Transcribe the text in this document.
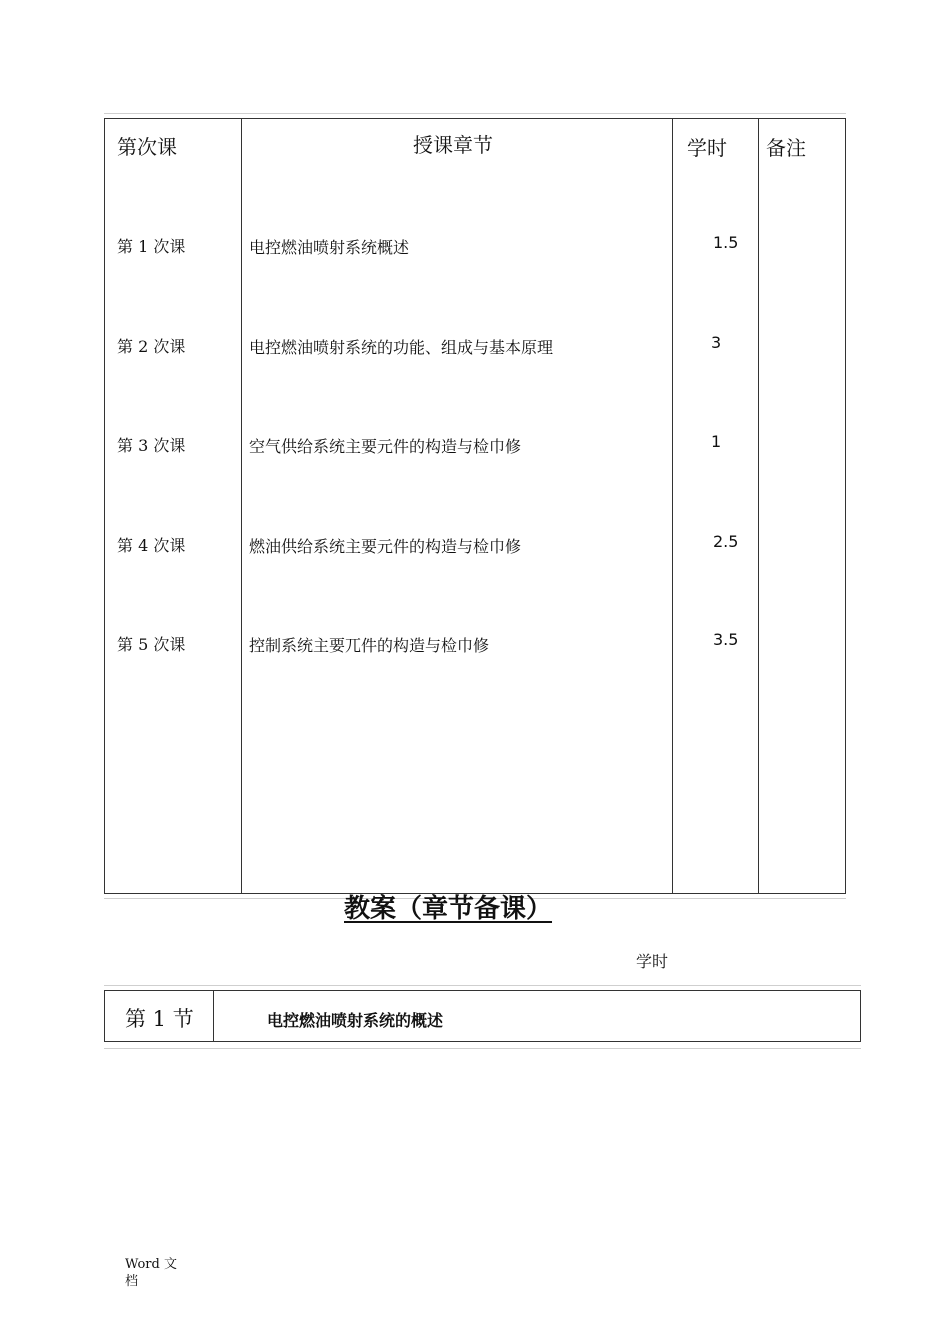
第次课	授课章节	学时 备注
第 1 次课	电控燃油喷射系统概述	1.5
第 2 次课	电控燃油喷射系统的功能、组成与基本原理	3
第 3 次课	空气供给系统主要元件的构造与检巾修	1
第 4 次课	燃油供给系统主要元件的构造与检巾修	2.5
第 5 次课	控制系统主要兀件的构造与检巾修	3.5
教案（章节备课）
学时
第 1 节	电控燃油喷射系统的概述
Word 文档
